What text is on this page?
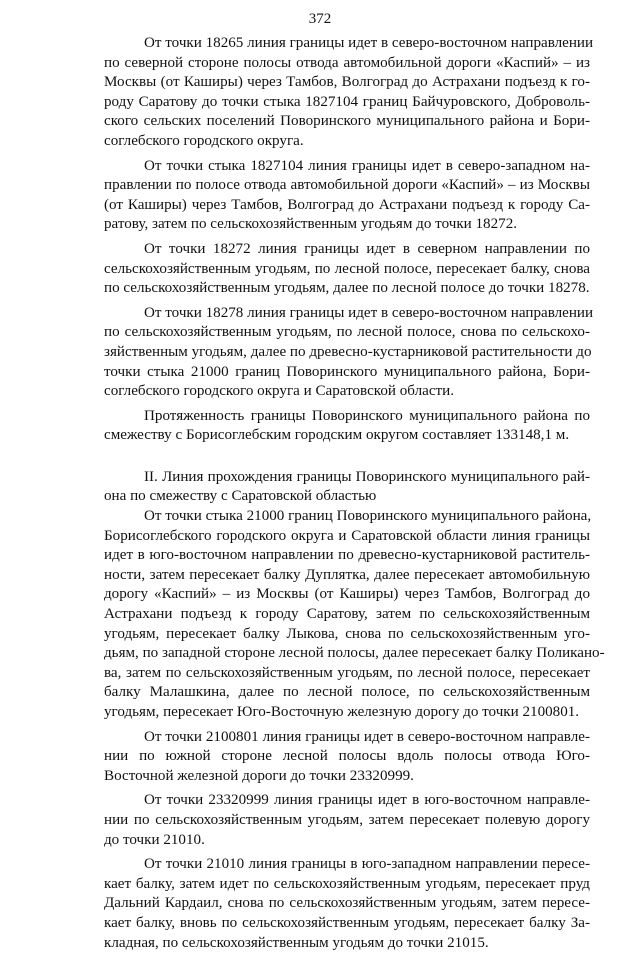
372
От точки 18265 линия границы идет в северо-восточном направлении
по северной стороне полосы отвода автомобильной дороги «Каспий» – из
Москвы (от Каширы) через Тамбов, Волгоград до Астрахани подъезд к го-
роду Саратову до точки стыка 1827104 границ Байчуровского, Доброволь-
ского сельских поселений Поворинского муниципального района и Бори-
соглебского городского округа.
От точки стыка 1827104 линия границы идет в северо-западном на-
правлении по полосе отвода автомобильной дороги «Каспий» – из Москвы
(от Каширы) через Тамбов, Волгоград до Астрахани подъезд к городу Са-
ратову, затем по сельскохозяйственным угодьям до точки 18272.
От точки 18272 линия границы идет в северном направлении по
сельскохозяйственным угодьям, по лесной полосе, пересекает балку, снова
по сельскохозяйственным угодьям, далее по лесной полосе до точки 18278.
От точки 18278 линия границы идет в северо-восточном направлении
по сельскохозяйственным угодьям, по лесной полосе, снова по сельскохо-
зяйственным угодьям, далее по древесно-кустарниковой растительности до
точки стыка 21000 границ Поворинского муниципального района, Бори-
соглебского городского округа и Саратовской области.
Протяженность границы Поворинского муниципального района по
смежеству с Борисоглебским городским округом составляет 133148,1 м.
II. Линия прохождения границы Поворинского муниципального рай-
она по смежеству с Саратовской областью
От точки стыка 21000 границ Поворинского муниципального района,
Борисоглебского городского округа и Саратовской области линия границы
идет в юго-восточном направлении по древесно-кустарниковой раститель-
ности, затем пересекает балку Дуплятка, далее пересекает автомобильную
дорогу «Каспий» – из Москвы (от Каширы) через Тамбов, Волгоград до
Астрахани подъезд к городу Саратову, затем по сельскохозяйственным
угодьям, пересекает балку Лыкова, снова по сельскохозяйственным уго-
дьям, по западной стороне лесной полосы, далее пересекает балку Поликано-
ва, затем по сельскохозяйственным угодьям, по лесной полосе, пересекает
балку Малашкина, далее по лесной полосе, по сельскохозяйственным
угодьям, пересекает Юго-Восточную железную дорогу до точки 2100801.
От точки 2100801 линия границы идет в северо-восточном направле-
нии по южной стороне лесной полосы вдоль полосы отвода Юго-
Восточной железной дороги до точки 23320999.
От точки 23320999 линия границы идет в юго-восточном направле-
нии по сельскохозяйственным угодьям, затем пересекает полевую дорогу
до точки 21010.
От точки 21010 линия границы в юго-западном направлении пересе-
кает балку, затем идет по сельскохозяйственным угодьям, пересекает пруд
Дальний Кардаил, снова по сельскохозяйственным угодьям, затем пересе-
кает балку, вновь по сельскохозяйственным угодьям, пересекает балку За-
кладная, по сельскохозяйственным угодьям до точки 21015.
